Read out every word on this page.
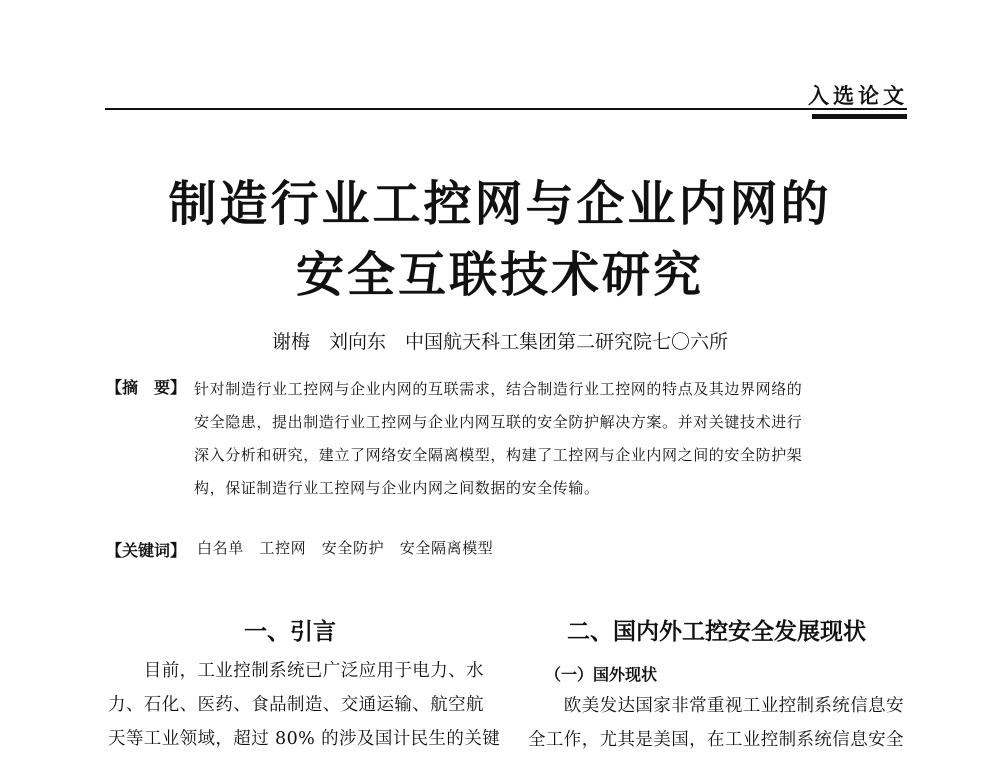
入选论文
制造行业工控网与企业内网的
安全互联技术研究
谢梅　刘向东　中国航天科工集团第二研究院七〇六所
【摘　要】 针对制造行业工控网与企业内网的互联需求，结合制造行业工控网的特点及其边界网络的
安全隐患，提出制造行业工控网与企业内网互联的安全防护解决方案。并对关键技术进行
深入分析和研究，建立了网络安全隔离模型，构建了工控网与企业内网之间的安全防护架
构，保证制造行业工控网与企业内网之间数据的安全传输。
【关键词】 白名单　工控网　安全防护　安全隔离模型
一、引言
　　目前，工业控制系统已广泛应用于电力、水
力、石化、医药、食品制造、交通运输、航空航
天等工业领域，超过 80% 的涉及国计民生的关键
二、国内外工控安全发展现状
（一）国外现状
　　欧美发达国家非常重视工业控制系统信息安
全工作，尤其是美国，在工业控制系统信息安全
